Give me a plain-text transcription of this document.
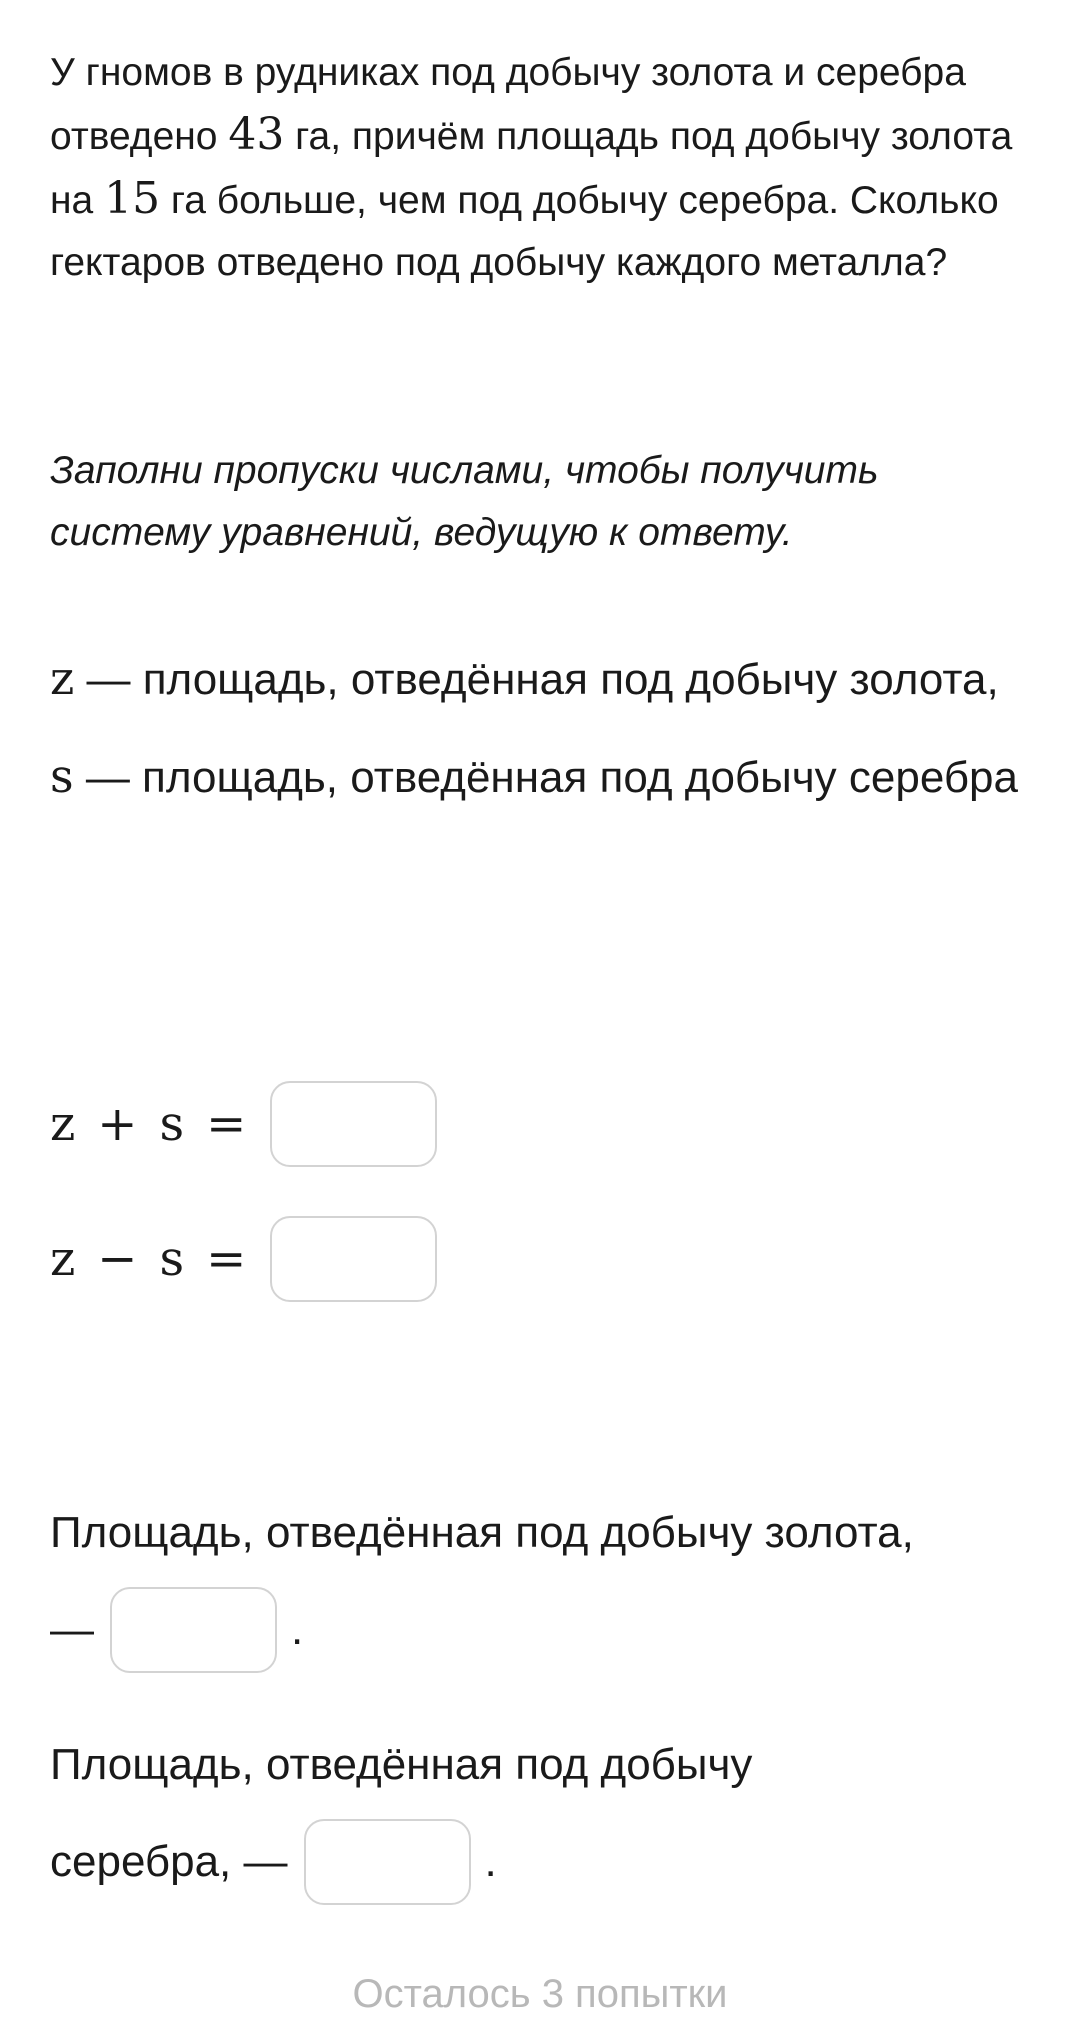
У гномов в рудниках под добычу золота и серебра отведено 43 га, причём площадь под добычу золота на 15 га больше, чем под добычу серебра. Сколько гектаров отведено под добычу каждого металла?

Заполни пропуски числами, чтобы получить систему уравнений, ведущую к ответу.

z — площадь, отведённая под добычу золота, s — площадь, отведённая под добычу серебра

z + s =
z − s =
Площадь, отведённая под добычу золота,
—	.
Площадь, отведённая под добычу
серебра, —	.
Осталось 3 попытки
